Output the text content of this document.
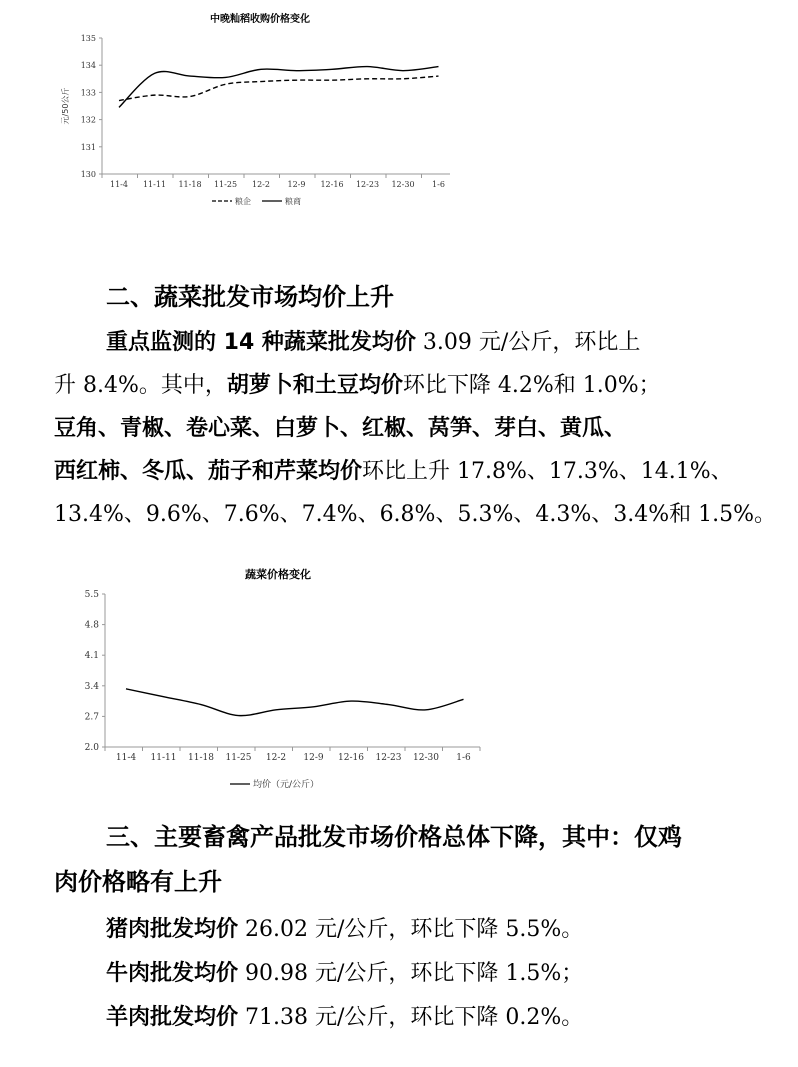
中晚籼稻收购价格变化
130
131
132
133
134
135
11-4 11-11 11-18 11-25 12-2 12-9 12-16 12-23 12-30 1-6
元/50公斤
粮企	粮商

二、蔬菜批发市场均价上升

重点监测的 14 种蔬菜批发均价 3.09 元/公斤，环比上
升 8.4%。其中，胡萝卜和土豆均价环比下降 4.2%和 1.0%；
豆角、青椒、卷心菜、白萝卜、红椒、莴笋、芽白、黄瓜、
西红柿、冬瓜、茄子和芹菜均价环比上升 17.8%、17.3%、14.1%、
13.4%、9.6%、7.6%、7.4%、6.8%、5.3%、4.3%、3.4%和 1.5%。
蔬菜价格变化
2.0
2.7
3.4
4.1
4.8
5.5
11-4 11-11 11-18 11-25 12-2 12-9 12-16 12-23 12-30 1-6
均价（元/公斤）

三、主要畜禽产品批发市场价格总体下降，其中：仅鸡

肉价格略有上升

猪肉批发均价 26.02 元/公斤，环比下降 5.5%。

牛肉批发均价 90.98 元/公斤，环比下降 1.5%；

羊肉批发均价 71.38 元/公斤，环比下降 0.2%。
